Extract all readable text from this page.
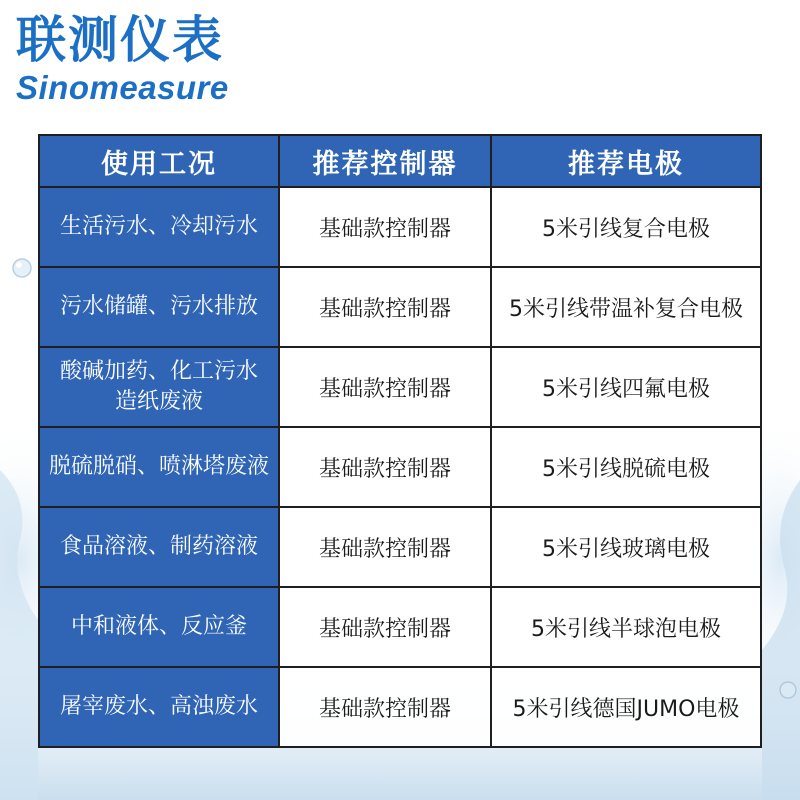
联测仪表
Sinomeasure
使用工况	推荐控制器	推荐电极

生活污水、冷却污水	基础款控制器	5米引线复合电极

污水储罐、污水排放	基础款控制器	5米引线带温补复合电极

酸碱加药、化工污水
造纸废液	基础款控制器	5米引线四氟电极

脱硫脱硝、喷淋塔废液	基础款控制器	5米引线脱硫电极

食品溶液、制药溶液	基础款控制器	5米引线玻璃电极

中和液体、反应釜	基础款控制器	5米引线半球泡电极

屠宰废水、高浊废水	基础款控制器	5米引线德国JUMO电极
